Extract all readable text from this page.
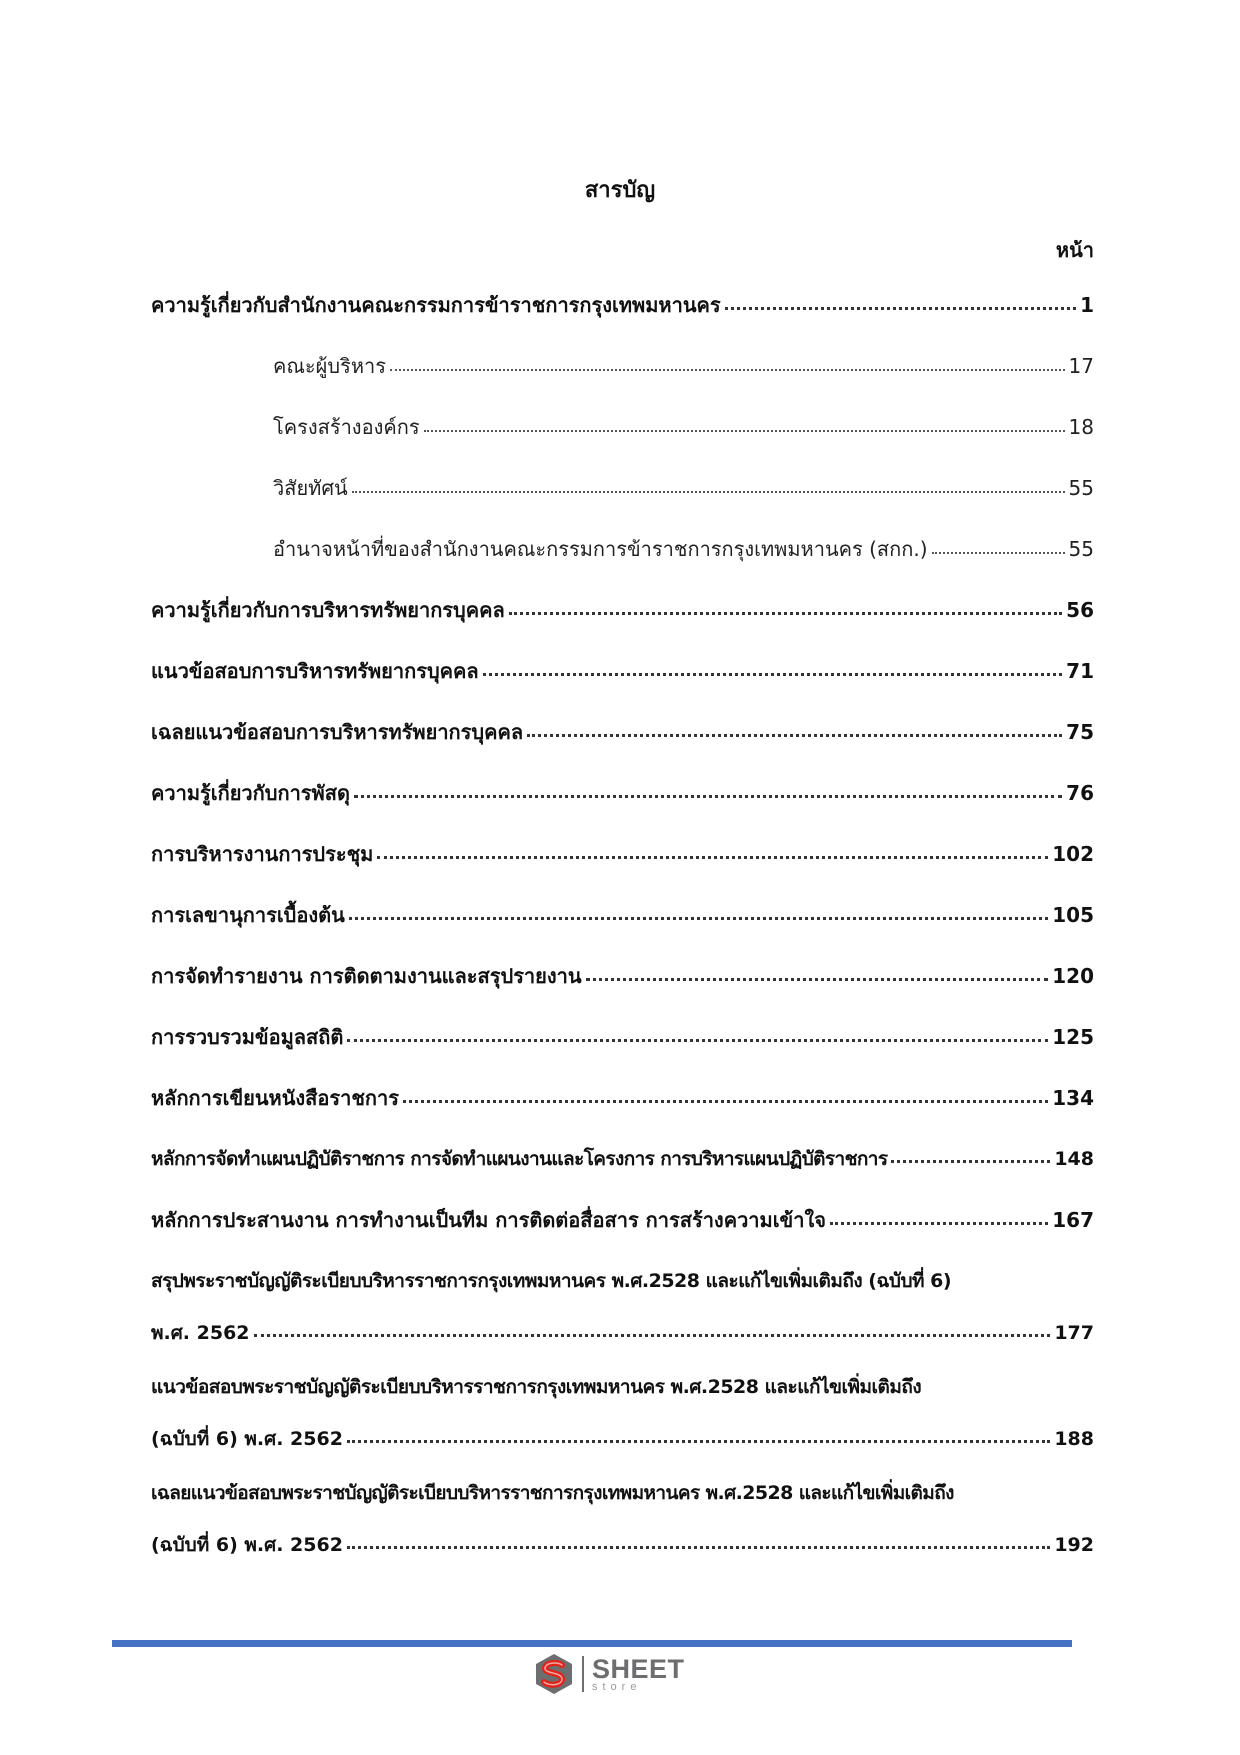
สารบัญ
หน้า
ความรู้เกี่ยวกับสำนักงานคณะกรรมการข้าราชการกรุงเทพมหานคร	1
คณะผู้บริหาร	17
โครงสร้างองค์กร	18
วิสัยทัศน์	55
อำนาจหน้าที่ของสำนักงานคณะกรรมการข้าราชการกรุงเทพมหานคร (สกก.)	55
ความรู้เกี่ยวกับการบริหารทรัพยากรบุคคล	56
แนวข้อสอบการบริหารทรัพยากรบุคคล	71
เฉลยแนวข้อสอบการบริหารทรัพยากรบุคคล	75
ความรู้เกี่ยวกับการพัสดุ	76
การบริหารงานการประชุม	102
การเลขานุการเบื้องต้น	105
การจัดทำรายงาน การติดตามงานและสรุปรายงาน	120
การรวบรวมข้อมูลสถิติ	125
หลักการเขียนหนังสือราชการ	134
หลักการจัดทำแผนปฏิบัติราชการ การจัดทำแผนงานและโครงการ การบริหารแผนปฏิบัติราชการ	148
หลักการประสานงาน การทำงานเป็นทีม การติดต่อสื่อสาร การสร้างความเข้าใจ	167
สรุปพระราชบัญญัติระเบียบบริหารราชการกรุงเทพมหานคร พ.ศ.2528 และแก้ไขเพิ่มเติมถึง (ฉบับที่ 6)
พ.ศ. 2562	177
แนวข้อสอบพระราชบัญญัติระเบียบบริหารราชการกรุงเทพมหานคร พ.ศ.2528 และแก้ไขเพิ่มเติมถึง
(ฉบับที่ 6) พ.ศ. 2562	188
เฉลยแนวข้อสอบพระราชบัญญัติระเบียบบริหารราชการกรุงเทพมหานคร พ.ศ.2528 และแก้ไขเพิ่มเติมถึง
(ฉบับที่ 6) พ.ศ. 2562	192
SHEET
store
